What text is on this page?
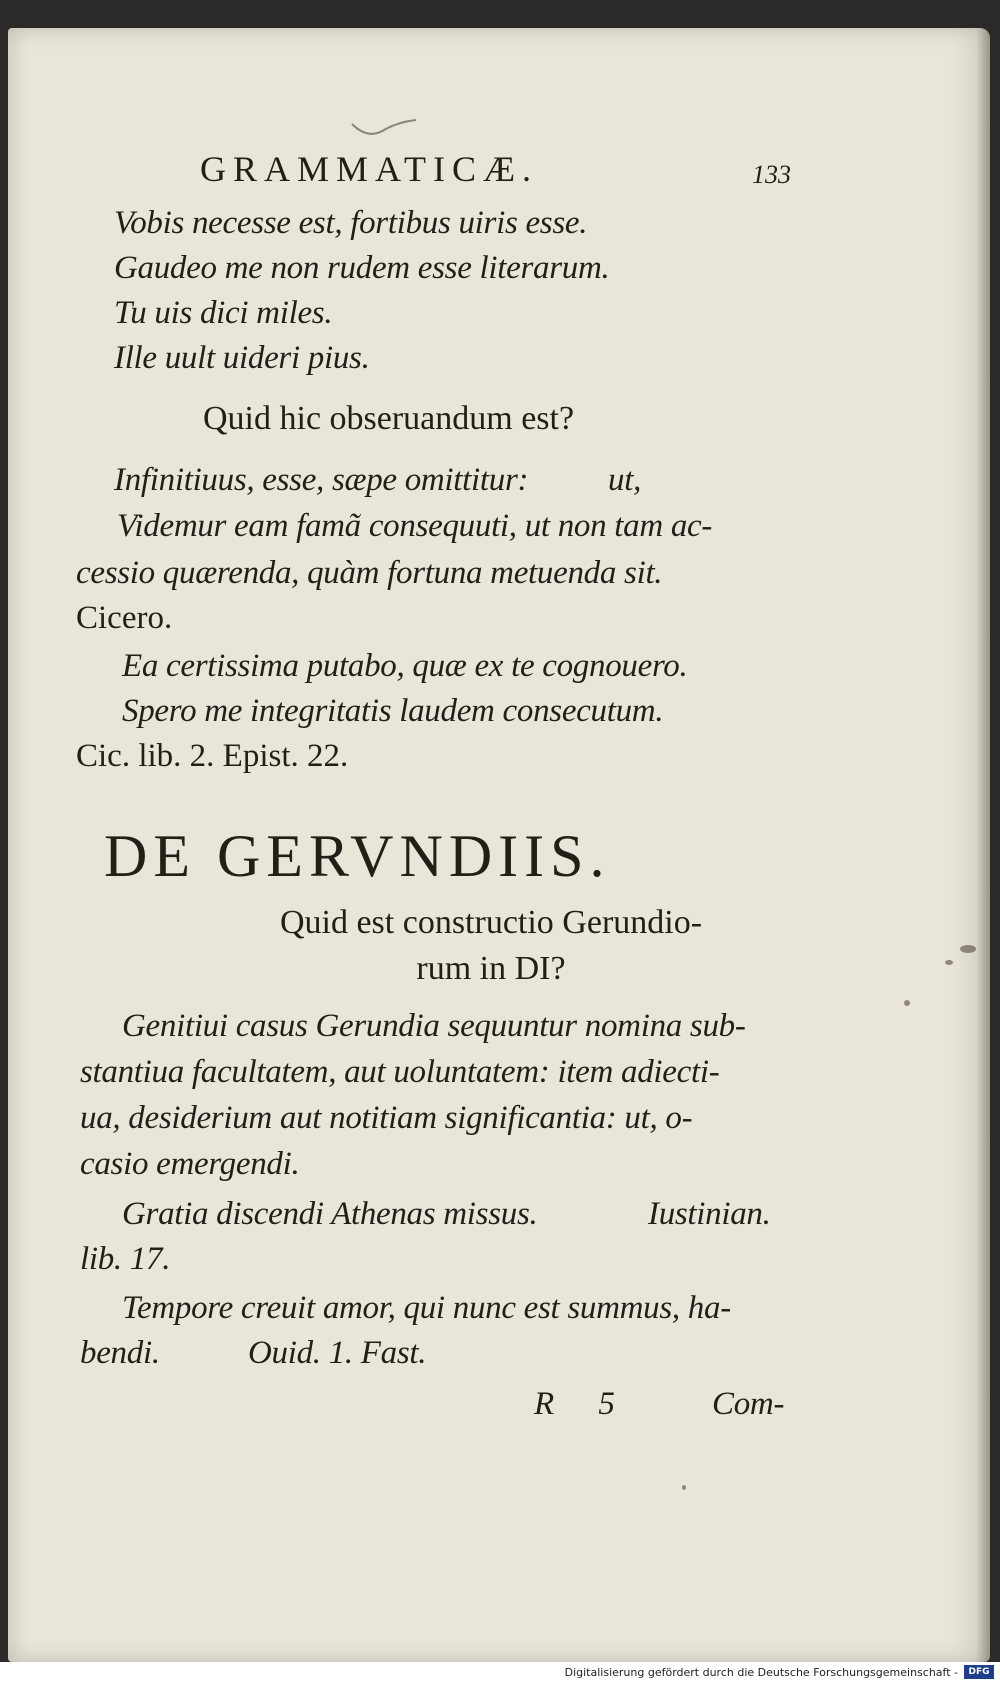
GRAMMATICÆ.	133
Vobis necesse est, fortibus uiris esse.
Gaudeo me non rudem esse literarum.
Tu uis dici miles.
Ille uult uideri pius.
Quid hic obseruandum est?
Infinitiuus, esse, sæpe omittitur: ut,
Videmur eam famã consequuti, ut non tam ac-
cessio quærenda, quàm fortuna metuenda sit.
Cicero.
Ea certissima putabo, quæ ex te cognouero.
Spero me integritatis laudem consecutum.
Cic. lib. 2. Epist. 22.
DE GERVNDIIS.
Quid est constructio Gerundio-
rum in DI?
Genitiui casus Gerundia sequuntur nomina sub-
stantiua facultatem, aut uoluntatem: item adiecti-
ua, desiderium aut notitiam significantia: ut, o-
casio emergendi.
Gratia discendi Athenas missus.	Iustinian.
lib. 17.
Tempore creuit amor, qui nunc est summus, ha-
bendi.	Ouid. 1. Fast.
R 5 Com-
Digitalisierung gefördert durch die Deutsche Forschungsgemeinschaft -	DFG
